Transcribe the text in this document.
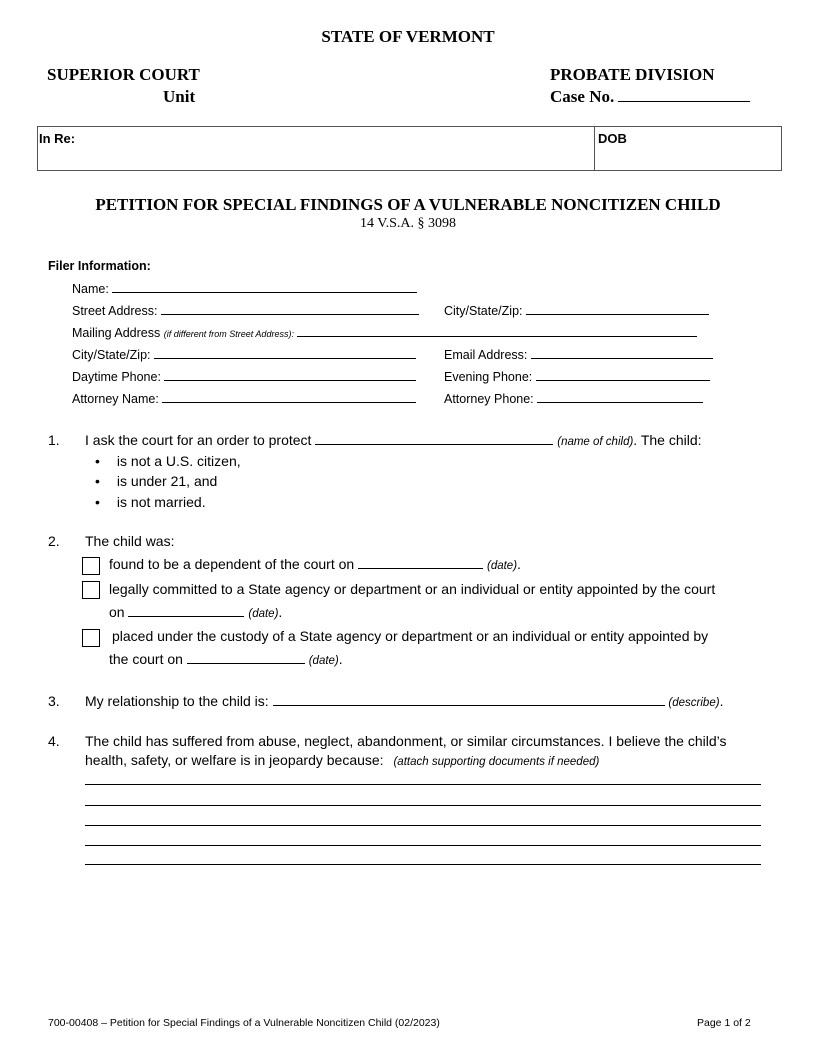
STATE OF VERMONT
SUPERIOR COURT
Unit
PROBATE DIVISION
Case No.
In Re:	DOB
PETITION FOR SPECIAL FINDINGS OF A VULNERABLE NONCITIZEN CHILD
14 V.S.A. § 3098
Filer Information:
Name:
Street Address:	City/State/Zip:
Mailing Address (if different from Street Address):
City/State/Zip:	Email Address:
Daytime Phone:	Evening Phone:
Attorney Name:	Attorney Phone:
1. I ask the court for an order to protect	(name of child). The child:
• is not a U.S. citizen,
• is under 21, and
• is not married.
2. The child was:
found to be a dependent of the court on	(date).
legally committed to a State agency or department or an individual or entity appointed by the court
on	(date).
placed under the custody of a State agency or department or an individual or entity appointed by
the court on	(date).
3. My relationship to the child is:	(describe).
4. The child has suffered from abuse, neglect, abandonment, or similar circumstances. I believe the child’s
health, safety, or welfare is in jeopardy because: (attach supporting documents if needed)
700-00408 – Petition for Special Findings of a Vulnerable Noncitizen Child (02/2023)	Page 1 of 2
